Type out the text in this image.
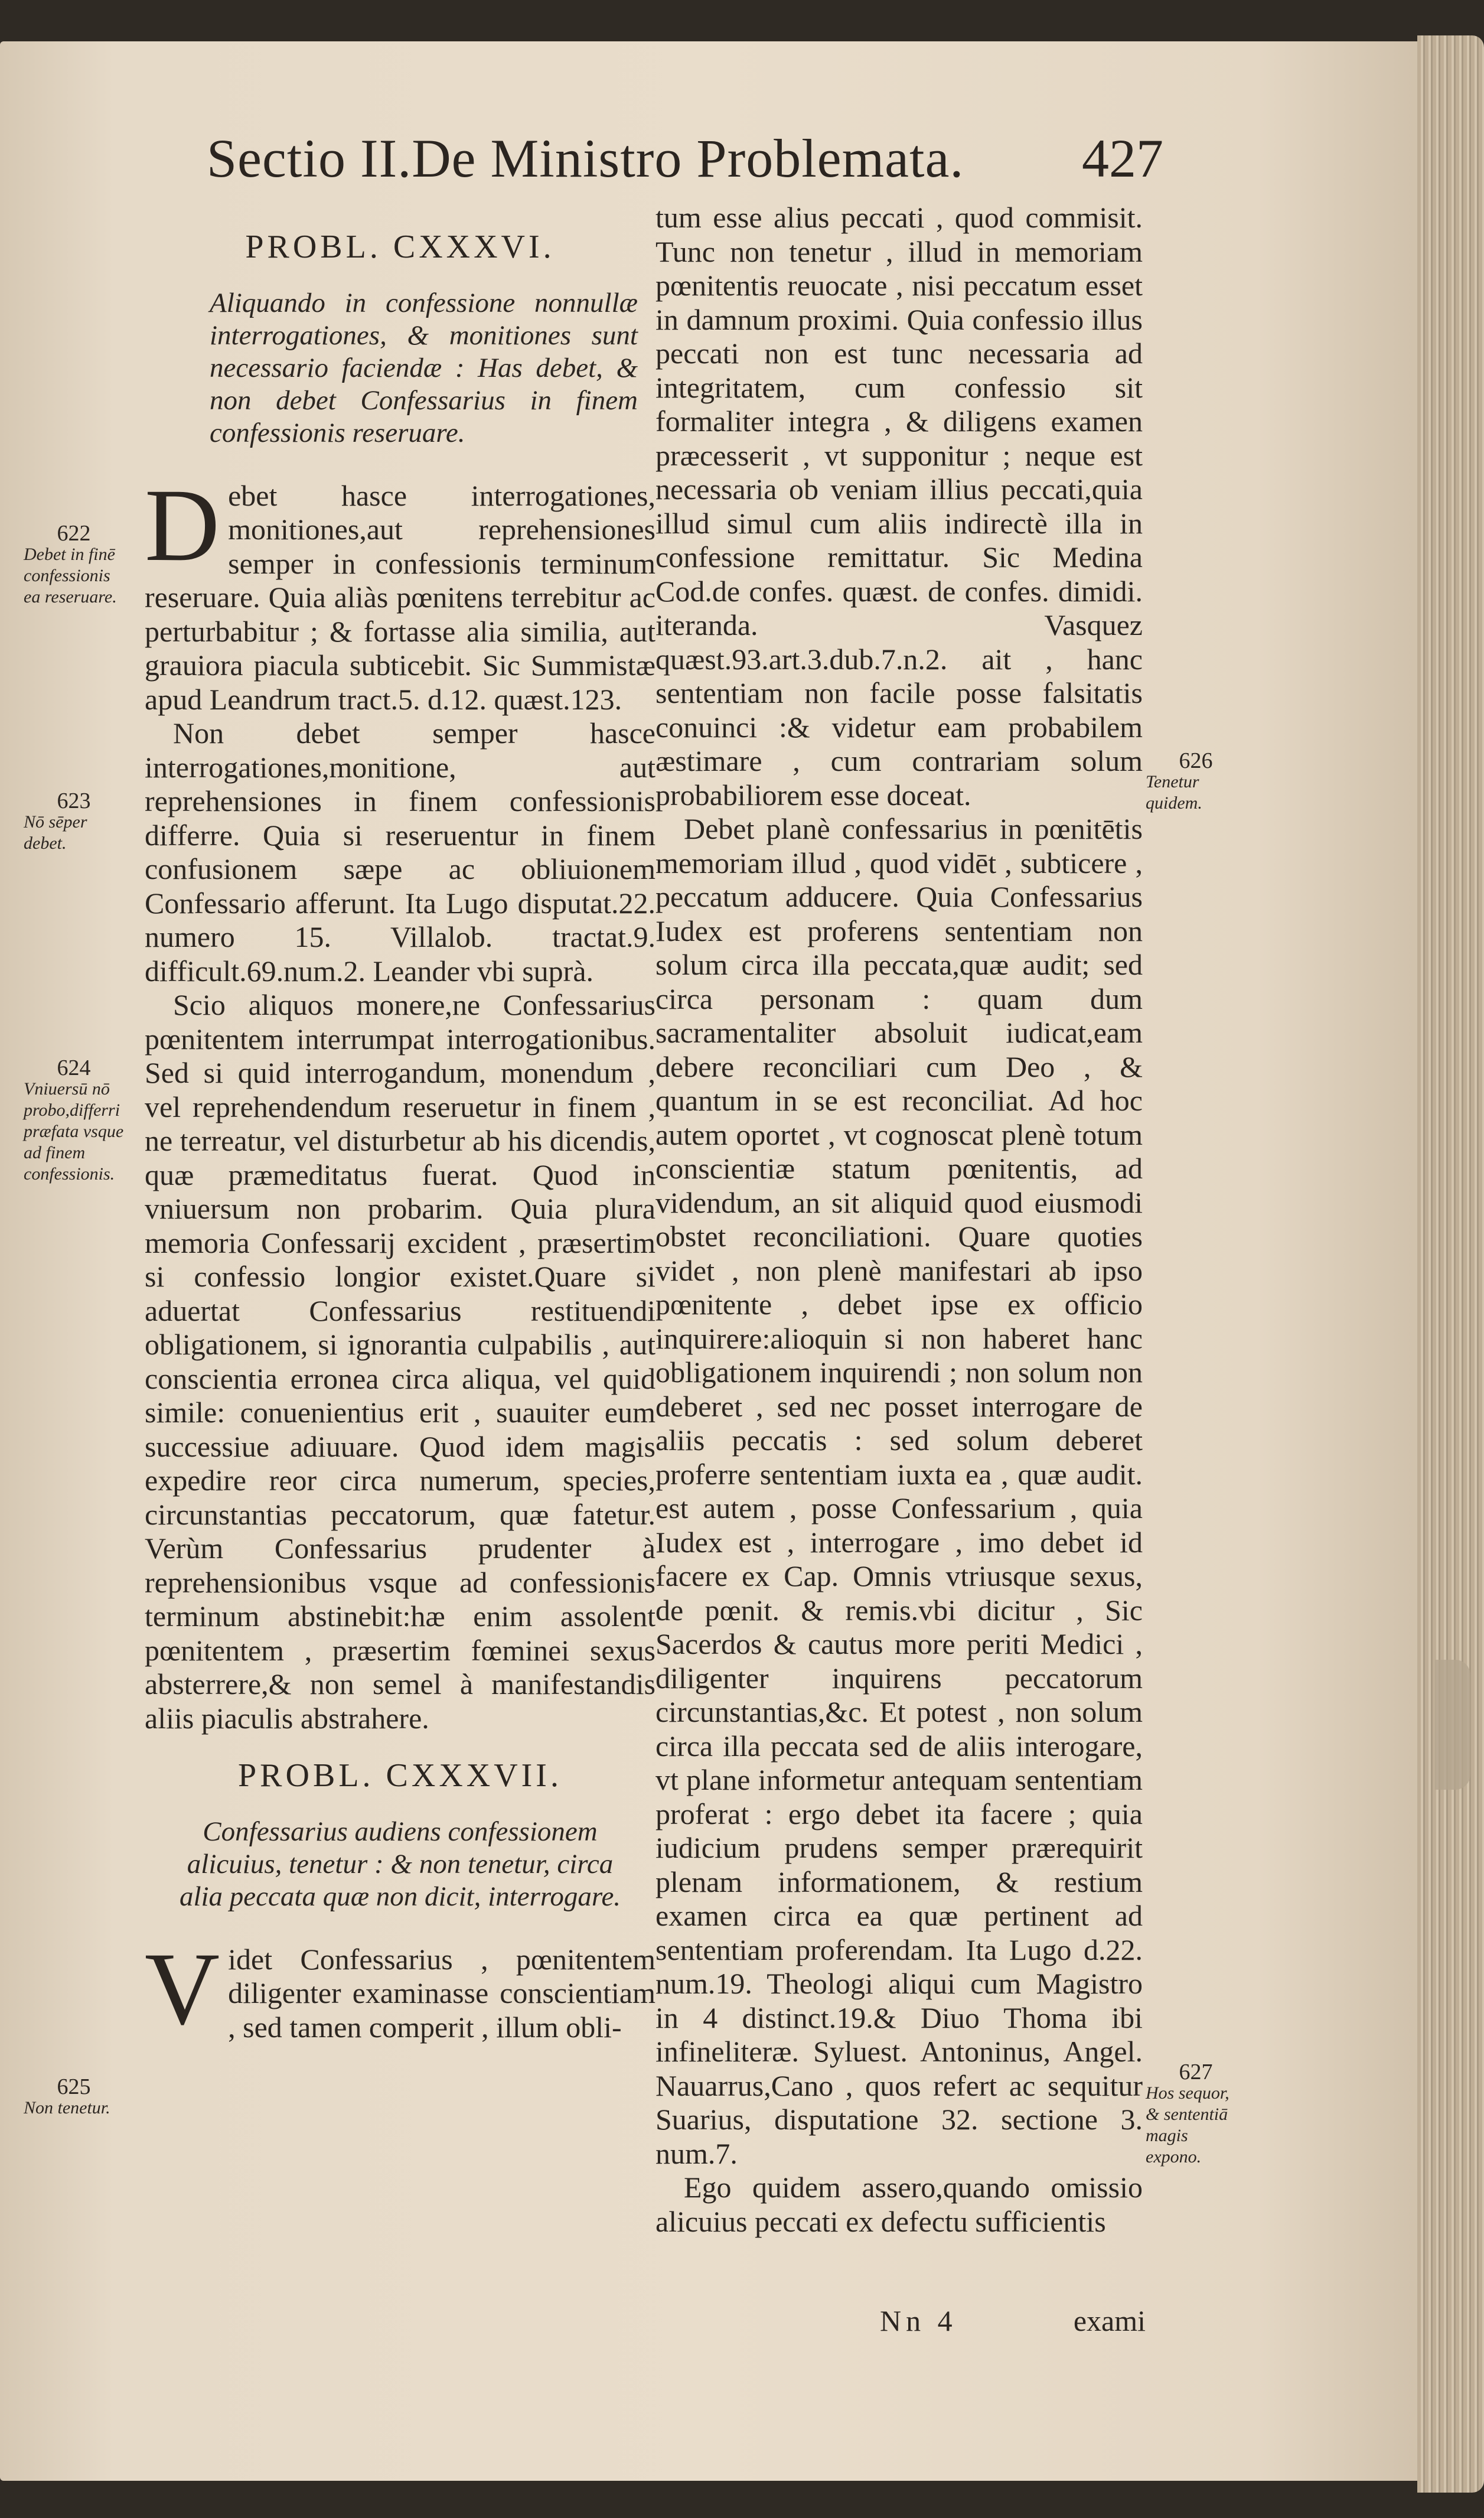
Sectio II.De Ministro Problemata. 427
PROBL. CXXXVI.
Aliquando in confessione nonnullæ interrogationes, & monitiones sunt necessario faciendæ : Has debet, & non debet Confessarius in finem confessionis reseruare.

Debet hasce interrogationes, monitiones,aut reprehensiones semper in confessionis terminum reseruare. Quia aliàs pœnitens terrebitur ac perturbabitur ; & fortasse alia similia, aut grauiora piacula subticebit. Sic Summistæ apud Leandrum tract.5. d.12. quæst.123.

Non debet semper hasce interrogationes,monitione, aut reprehensiones in finem confessionis differre. Quia si reseruentur in finem confusionem sæpe ac obliuionem Confessario afferunt. Ita Lugo disputat.22. numero 15. Villalob. tractat.9. difficult.69.num.2. Leander vbi suprà.

Scio aliquos monere,ne Confessarius pœnitentem interrumpat interrogationibus. Sed si quid interrogandum, monendum , vel reprehendendum reseruetur in finem , ne terreatur, vel disturbetur ab his dicendis, quæ præmeditatus fuerat. Quod in vniuersum non probarim. Quia plura memoria Confessarij excident , præsertim si confessio longior existet.Quare si aduertat Confessarius restituendi obligationem, si ignorantia culpabilis , aut conscientia erronea circa aliqua, vel quid simile: conuenientius erit , suauiter eum successiue adiuuare. Quod idem magis expedire reor circa numerum, species, circunstantias peccatorum, quæ fatetur. Verùm Confessarius prudenter à reprehensionibus vsque ad confessionis terminum abstinebit:hæ enim assolent pœnitentem , præsertim fœminei sexus absterrere,& non semel à manifestandis aliis piaculis abstrahere.

PROBL. CXXXVII.
Confessarius audiens confessionem alicuius, tenetur : & non tenetur, circa alia peccata quæ non dicit, interrogare.

Videt Confessarius , pœnitentem diligenter examinasse conscientiam , sed tamen comperit , illum obli-

tum esse alius peccati , quod commisit. Tunc non tenetur , illud in memoriam pœnitentis reuocate , nisi peccatum esset in damnum proximi. Quia confessio illus peccati non est tunc necessaria ad integritatem, cum confessio sit formaliter integra , & diligens examen præcesserit , vt supponitur ; neque est necessaria ob veniam illius peccati,quia illud simul cum aliis indirectè illa in confessione remittatur. Sic Medina Cod.de confes. quæst. de confes. dimidi. iteranda. Vasquez quæst.93.art.3.dub.7.n.2. ait , hanc sententiam non facile posse falsitatis conuinci :& videtur eam probabilem æstimare , cum contrariam solum probabiliorem esse doceat.

Debet planè confessarius in pœnitētis memoriam illud , quod vidēt , subticere , peccatum adducere. Quia Confessarius Iudex est proferens sententiam non solum circa illa peccata,quæ audit; sed circa personam : quam dum sacramentaliter absoluit iudicat,eam debere reconciliari cum Deo , & quantum in se est reconciliat. Ad hoc autem oportet , vt cognoscat plenè totum conscientiæ statum pœnitentis, ad videndum, an sit aliquid quod eiusmodi obstet reconciliationi. Quare quoties videt , non plenè manifestari ab ipso pœnitente , debet ipse ex officio inquirere:alioquin si non haberet hanc obligationem inquirendi ; non solum non deberet , sed nec posset interrogare de aliis peccatis : sed solum deberet proferre sententiam iuxta ea , quæ audit. est autem , posse Confessarium , quia Iudex est , interrogare , imo debet id facere ex Cap. Omnis vtriusque sexus, de pœnit. & remis.vbi dicitur , Sic Sacerdos & cautus more periti Medici , diligenter inquirens peccatorum circunstantias,&c. Et potest , non solum circa illa peccata sed de aliis interogare, vt plane informetur antequam sententiam proferat : ergo debet ita facere ; quia iudicium prudens semper prærequirit plenam informationem, & restium examen circa ea quæ pertinent ad sententiam proferendam. Ita Lugo d.22. num.19. Theologi aliqui cum Magistro in 4 distinct.19.& Diuo Thoma ibi infineliteræ. Syluest. Antoninus, Angel. Nauarrus,Cano , quos refert ac sequitur Suarius, disputatione 32. sectione 3. num.7.

Ego quidem assero,quando omissio alicuius peccati ex defectu sufficientis

622
Debet in finē confessionis ea reseruare.
623
Nō sēper debet.
624
Vniuersū nō probo,differri præfata vsque ad finem confessionis.
625
Non tenetur.
626
Tenetur quidem.
627
Hos sequor, & sententiā magis expono.
Nn 4	exami
